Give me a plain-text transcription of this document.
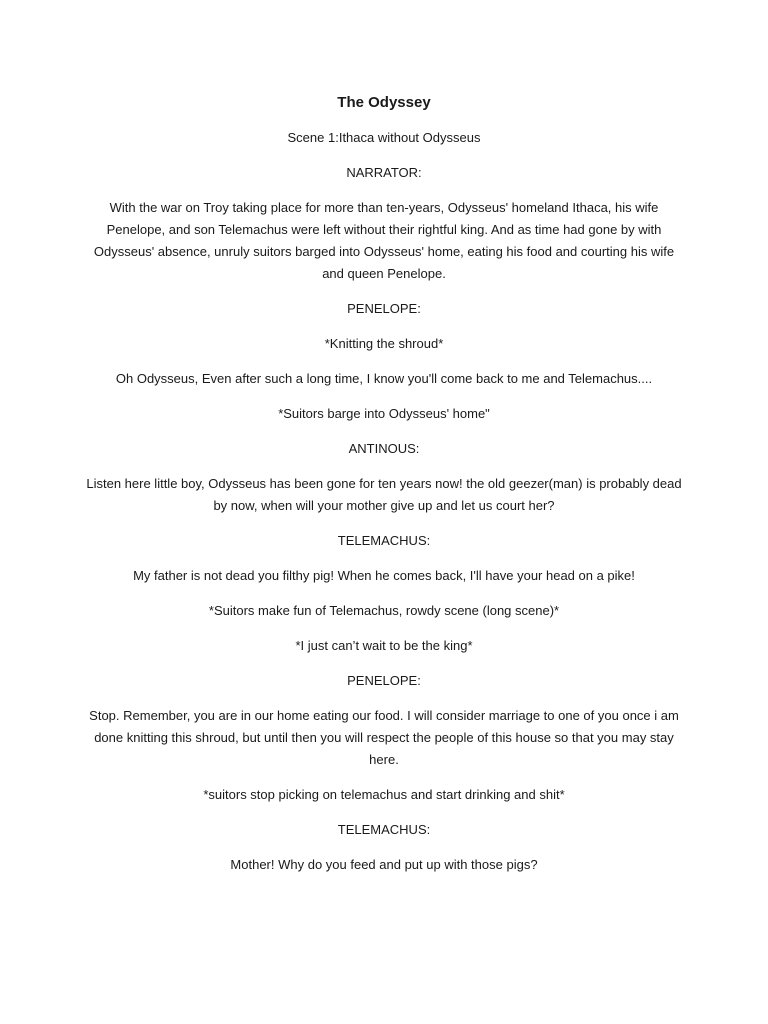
The Odyssey
Scene 1:Ithaca without Odysseus
NARRATOR:
With the war on Troy taking place for more than ten-years, Odysseus' homeland Ithaca, his wife Penelope, and son Telemachus were left without their rightful king. And as time had gone by with Odysseus' absence, unruly suitors barged into Odysseus' home, eating his food and courting his wife and queen Penelope.
PENELOPE:
*Knitting the shroud*
Oh Odysseus, Even after such a long time, I know you'll come back to me and Telemachus....
*Suitors barge into Odysseus' home"
ANTINOUS:
Listen here little boy, Odysseus has been gone for ten years now! the old geezer(man) is probably dead by now, when will your mother give up and let us court her?
TELEMACHUS:
My father is not dead you filthy pig! When he comes back, I'll have your head on a pike!
*Suitors make fun of Telemachus, rowdy scene (long scene)*
*I just can’t wait to be the king*
PENELOPE:
Stop. Remember, you are in our home eating our food. I will consider marriage to one of you once i am done knitting this shroud, but until then you will respect the people of this house so that you may stay here.
*suitors stop picking on telemachus and start drinking and shit*
TELEMACHUS:
Mother! Why do you feed and put up with those pigs?
